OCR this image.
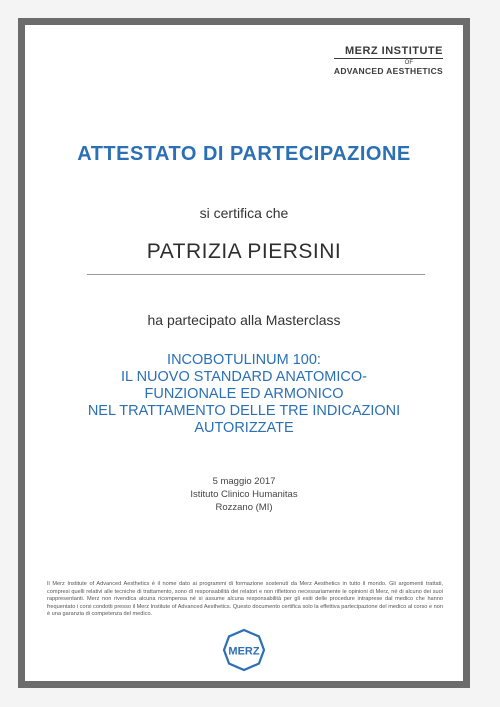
MERZ INSTITUTE
OF
ADVANCED AESTHETICS
ATTESTATO DI PARTECIPAZIONE
si certifica che
PATRIZIA PIERSINI
ha partecipato alla Masterclass
INCOBOTULINUM 100:
IL NUOVO STANDARD ANATOMICO-
FUNZIONALE ED ARMONICO
NEL TRATTAMENTO DELLE TRE INDICAZIONI
AUTORIZZATE
5 maggio 2017
Istituto Clinico Humanitas
Rozzano (MI)
Il Merz Institute of Advanced Aesthetics è il nome dato ai programmi di formazione sostenuti da Merz Aesthetics in tutto il mondo. Gli argomenti trattati, compresi quelli relativi alle tecniche di trattamento, sono di responsabilità dei relatori e non riflettono necessariamente le opinioni di Merz, né di alcuno dei suoi rappresentanti. Merz non rivendica alcuna ricompensa né si assume alcuna responsabilità per gli esiti delle procedure intraprese dal medico che hanno frequentato i corsi condotti presso il Merz Institute of Advanced Aesthetics. Questo documento certifica solo la effettiva partecipazione del medico al corso e non è una garanzia di competenza del medico.
MERZ
